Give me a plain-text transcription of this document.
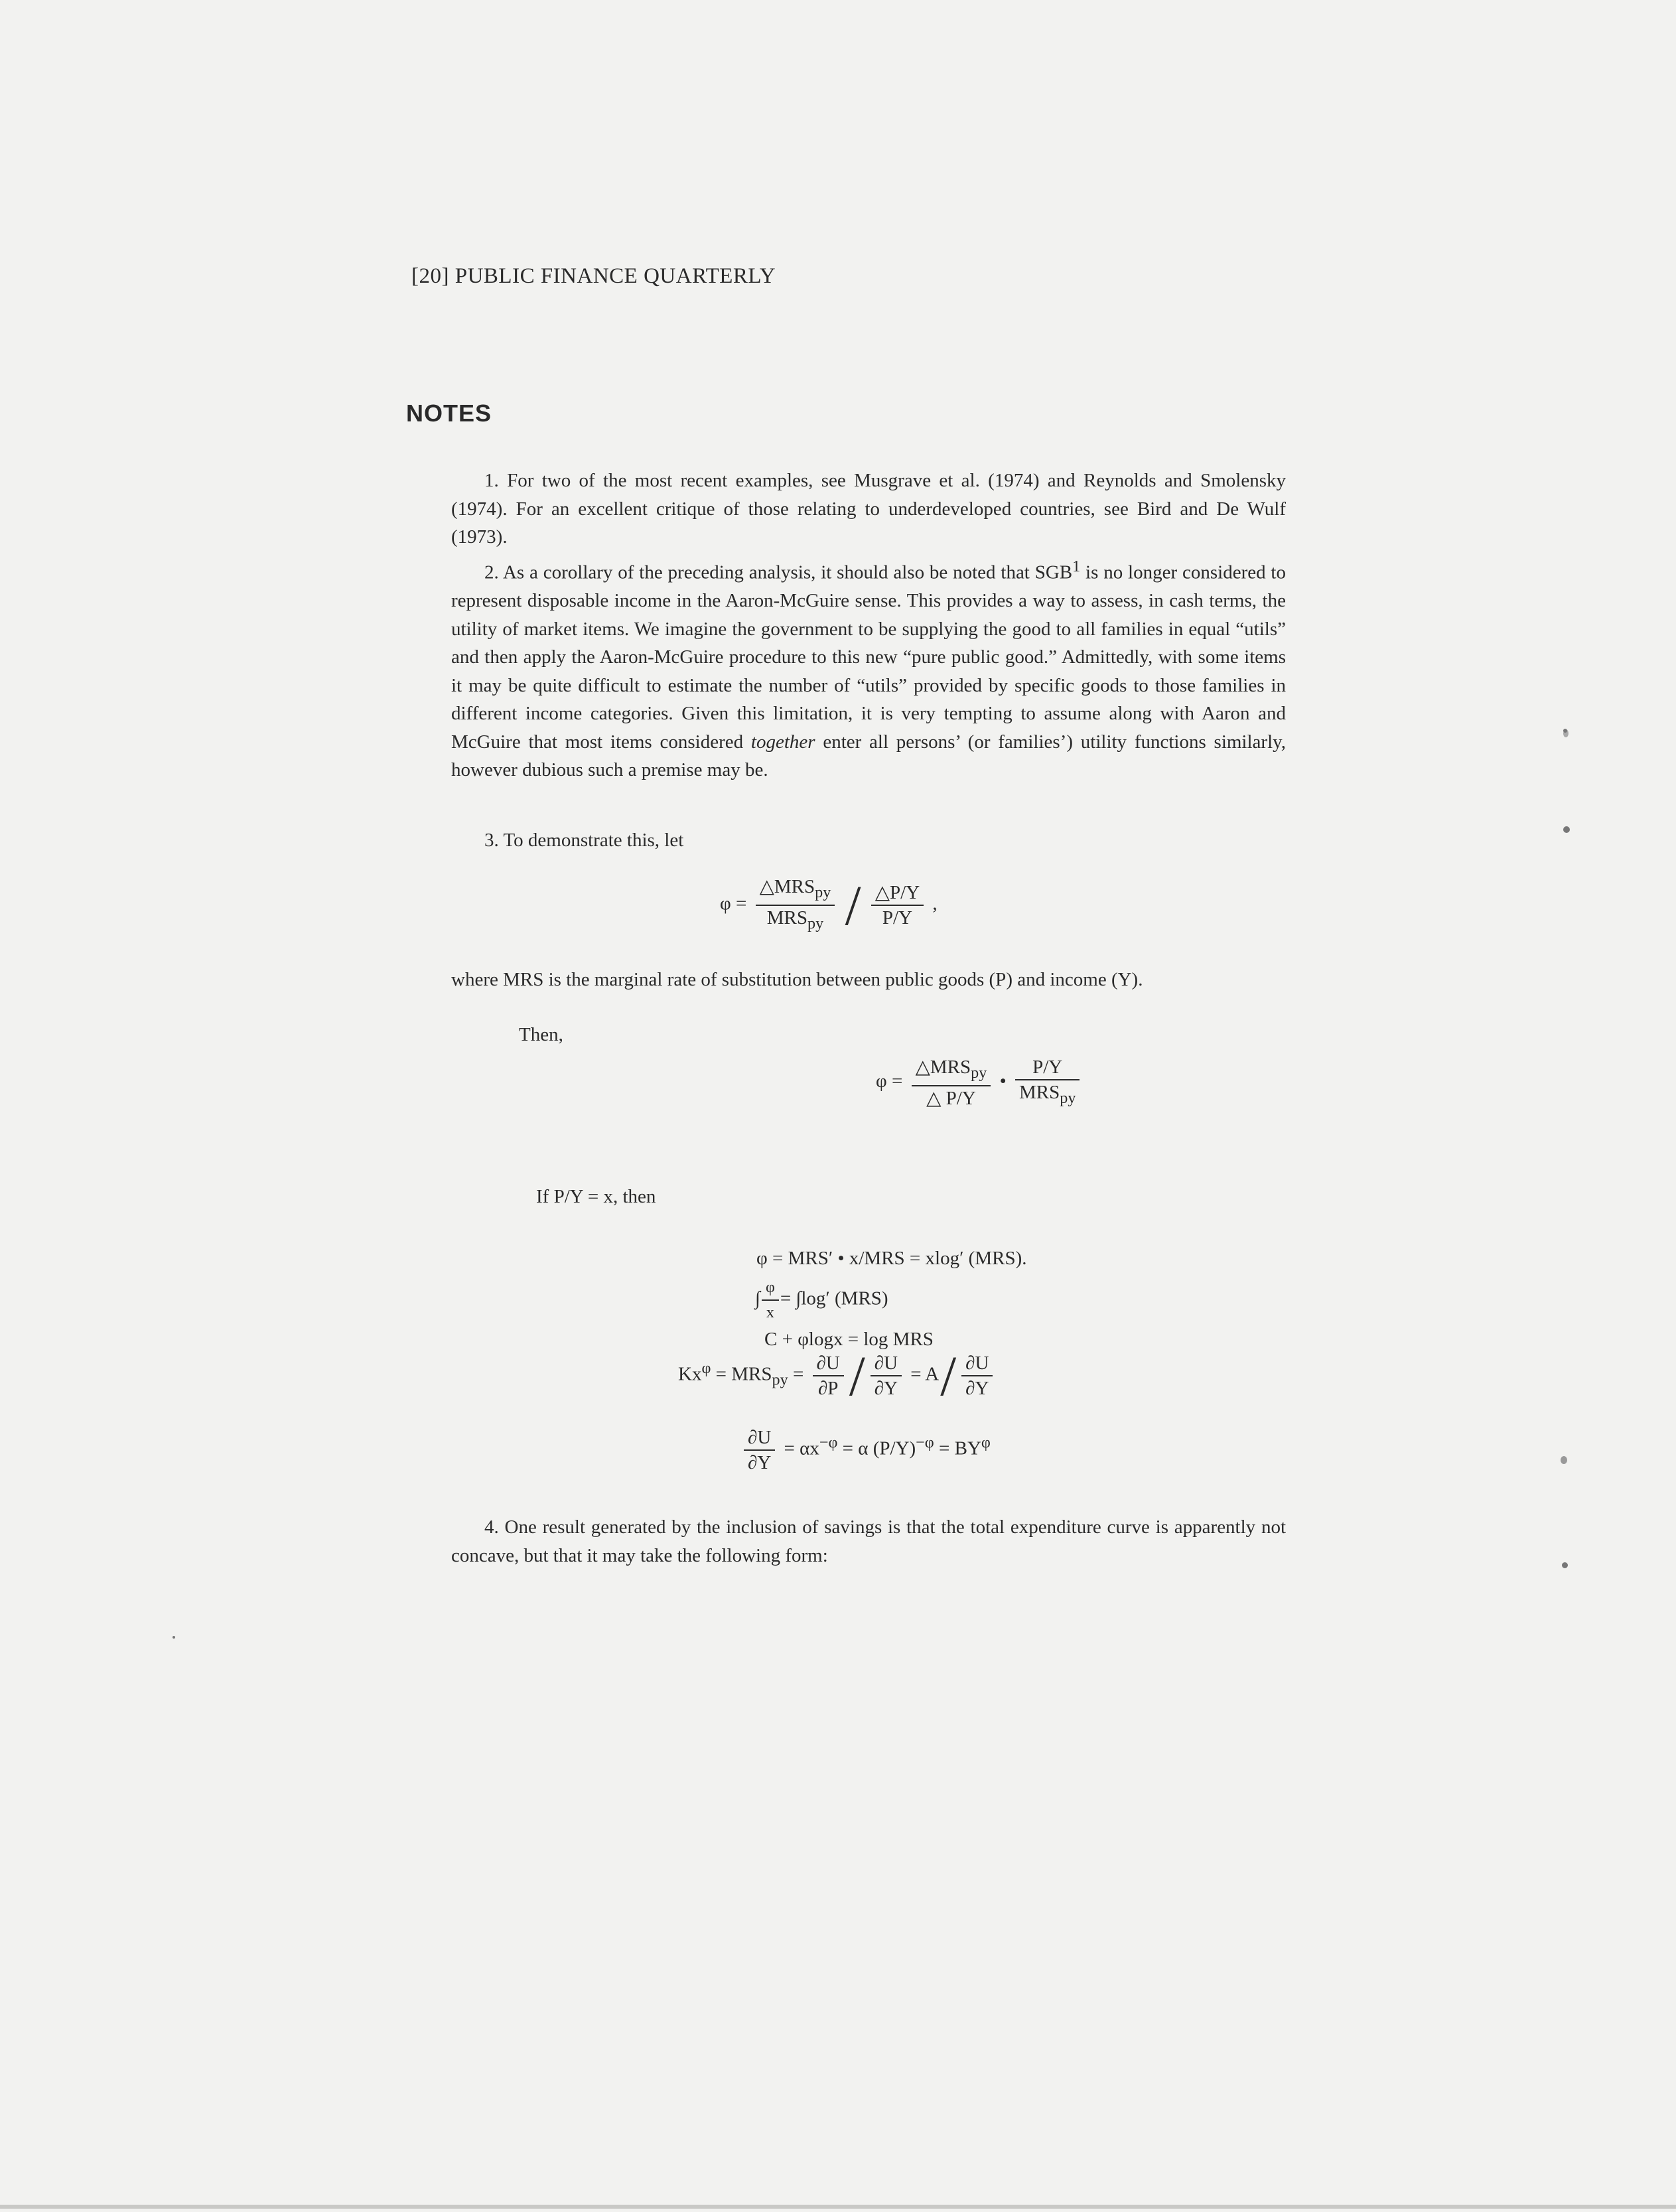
[20] PUBLIC FINANCE QUARTERLY
NOTES
1. For two of the most recent examples, see Musgrave et al. (1974) and Reynolds and Smolensky (1974). For an excellent critique of those relating to underdeveloped countries, see Bird and De Wulf (1973).
2. As a corollary of the preceding analysis, it should also be noted that SGB$^1$ is no longer considered to represent disposable income in the Aaron-McGuire sense. This provides a way to assess, in cash terms, the utility of market items. We imagine the government to be supplying the good to all families in equal “utils” and then apply the Aaron-McGuire procedure to this new “pure public good.” Admittedly, with some items it may be quite difficult to estimate the number of “utils” provided by specific goods to those families in different income categories. Given this limitation, it is very tempting to assume along with Aaron and McGuire that most items considered together enter all persons’ (or families’) utility functions similarly, however dubious such a premise may be.
3. To demonstrate this, let
$\varphi = \frac{\triangle MRS_{py}}{MRS_{py}} / \frac{\triangle P/Y}{P/Y}$ ,
where MRS is the marginal rate of substitution between public goods (P) and income (Y).
Then,
$\varphi = \frac{\triangle MRS_{py}}{\triangle P/Y}$ • $\frac{P/Y}{MRS_{py}}$
If P/Y = x, then
φ = MRS′ • x/MRS = xlog′ (MRS).
∫ $\frac{\varphi}{x} = \int\log'$ (MRS)
C + φlogx = log MRS
$Kx^\varphi = MRS_{py} = \frac{\partial U}{\partial P} / \frac{\partial U}{\partial Y} = A/ \frac{\partial U}{\partial Y}$
$\frac{\partial U}{\partial Y} = \alpha x^{-\varphi} = \alpha$ $(P/Y)^{-\varphi} = BY^\varphi$
4. One result generated by the inclusion of savings is that the total expenditure curve is apparently not concave, but that it may take the following form:
